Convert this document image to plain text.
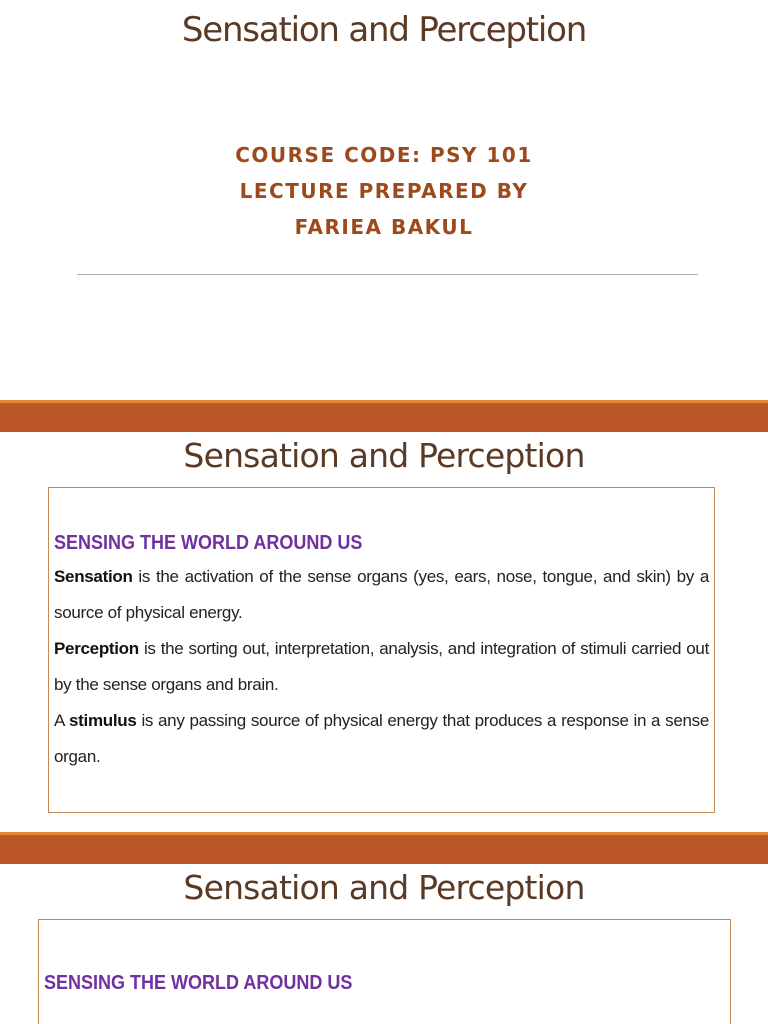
Sensation and Perception

COURSE CODE: PSY 101

LECTURE PREPARED BY

FARIEA BAKUL

Sensation and Perception
SENSING THE WORLD AROUND US

Sensation is the activation of the sense organs (yes, ears, nose, tongue, and skin) by a source of physical energy.

Perception is the sorting out, interpretation, analysis, and integration of stimuli carried out by the sense organs and brain.

A stimulus is any passing source of physical energy that produces a response in a sense organ.

Sensation and Perception
SENSING THE WORLD AROUND US
